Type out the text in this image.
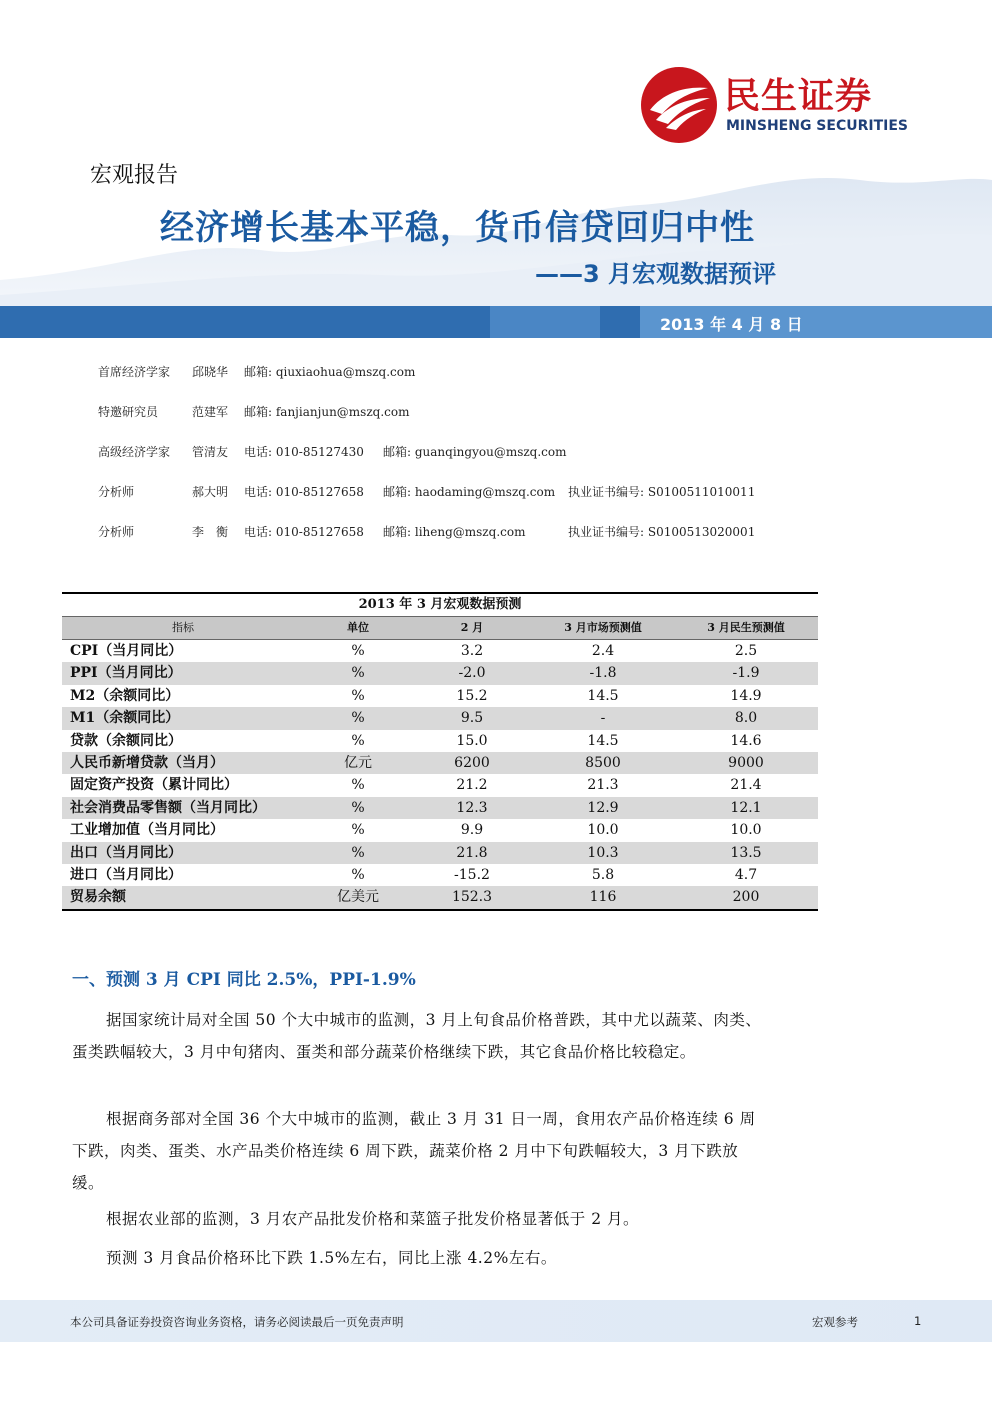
民生证券
MINSHENG SECURITIES
宏观报告
经济增长基本平稳，货币信贷回归中性
——3 月宏观数据预评
2013 年 4 月 8 日
首席经济学家 邱晓华 邮箱: qiuxiaohua@mszq.com
特邀研究员	范建军 邮箱: fanjianjun@mszq.com
高级经济学家 管清友 电话: 010-85127430 邮箱: guanqingyou@mszq.com
分析师	郝大明 电话: 010-85127658 邮箱: haodaming@mszq.com 执业证书编号: S0100511010011
分析师	李　衡 电话: 010-85127658 邮箱: liheng@mszq.com	执业证书编号: S0100513020001
2013 年 3 月宏观数据预测
指标	单位	2 月	3 月市场预测值	3 月民生预测值
CPI（当月同比）	%	3.2	2.4	2.5
PPI（当月同比）	%	-2.0	-1.8	-1.9
M2（余额同比）	%	15.2	14.5	14.9
M1（余额同比）	%	9.5	-	8.0
贷款（余额同比）	%	15.0	14.5	14.6
人民币新增贷款（当月）	亿元	6200	8500	9000
固定资产投资（累计同比）	%	21.2	21.3	21.4
社会消费品零售额（当月同比）	%	12.3	12.9	12.1
工业增加值（当月同比）	%	9.9	10.0	10.0
出口（当月同比）	%	21.8	10.3	13.5
进口（当月同比）	%	-15.2	5.8	4.7
贸易余额	亿美元	152.3	116	200
一、预测 3 月 CPI 同比 2.5%，PPI-1.9%
据国家统计局对全国 50 个大中城市的监测，3 月上旬食品价格普跌，其中尤以蔬菜、肉类、蛋类跌幅较大，3 月中旬猪肉、蛋类和部分蔬菜价格继续下跌，其它食品价格比较稳定。
根据商务部对全国 36 个大中城市的监测，截止 3 月 31 日一周，食用农产品价格连续 6 周下跌，肉类、蛋类、水产品类价格连续 6 周下跌，蔬菜价格 2 月中下旬跌幅较大，3 月下跌放缓。
根据农业部的监测，3 月农产品批发价格和菜篮子批发价格显著低于 2 月。
预测 3 月食品价格环比下跌 1.5%左右，同比上涨 4.2%左右。
本公司具备证券投资咨询业务资格，请务必阅读最后一页免责声明	宏观参考	1
